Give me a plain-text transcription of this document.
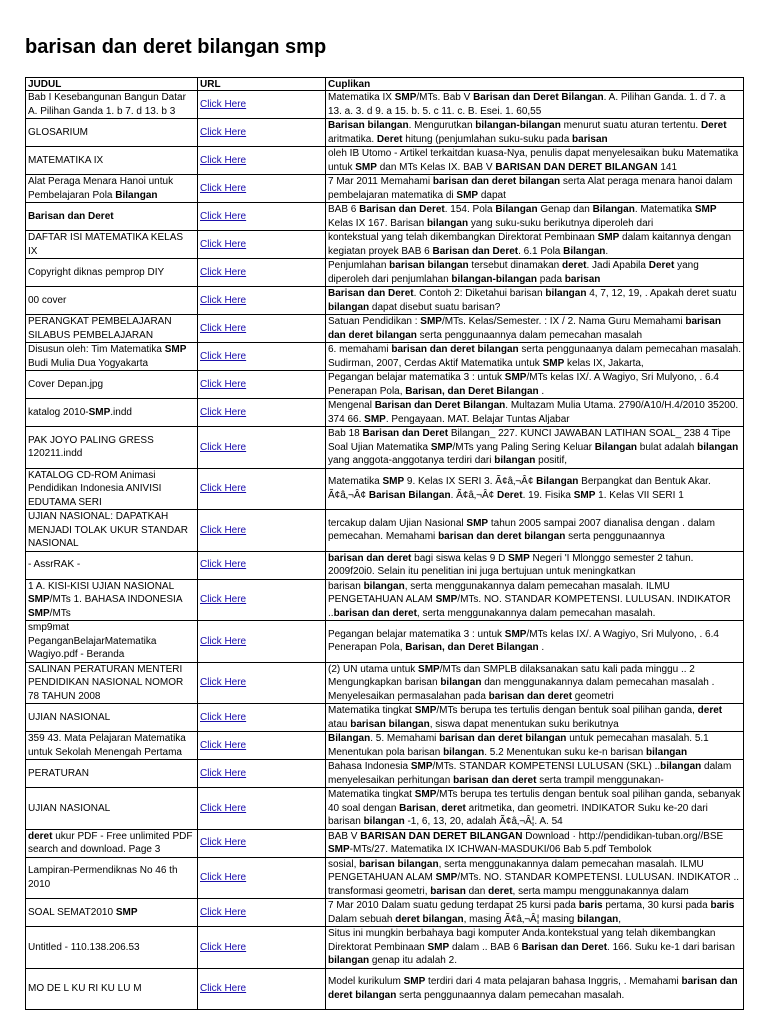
barisan dan deret bilangan smp
JUDUL	URL	Cuplikan

Bab I Kesebangunan Bangun Datar A. Pilihan Ganda 1. b 7. d 13. b 3	Click Here	Matematika IX SMP/MTs. Bab V Barisan dan Deret Bilangan. A. Pilihan Ganda. 1. d 7. a 13. a. 3. d 9. a 15. b. 5. c 11. c. B. Esei. 1. 60,55

GLOSARIUM	Click Here	Barisan bilangan. Mengurutkan bilangan-bilangan menurut suatu aturan tertentu. Deret aritmatika. Deret hitung (penjumlahan suku-suku pada barisan

MATEMATIKA IX	Click Here	oleh IB Utomo - Artikel terkaitdan kuasa-Nya, penulis dapat menyelesaikan buku Matematika untuk SMP dan MTs Kelas IX. BAB V BARISAN DAN DERET BILANGAN 141

Alat Peraga Menara Hanoi untuk Pembelajaran Pola Bilangan	Click Here	7 Mar 2011 Memahami barisan dan deret bilangan serta Alat peraga menara hanoi dalam pembelajaran matematika di SMP dapat

Barisan dan Deret	Click Here	BAB 6 Barisan dan Deret. 154. Pola Bilangan Genap dan Bilangan. Matematika SMP Kelas IX 167. Barisan bilangan yang suku-suku berikutnya diperoleh dari

DAFTAR ISI MATEMATIKA KELAS IX	Click Here	kontekstual yang telah dikembangkan Direktorat Pembinaan SMP dalam kaitannya dengan kegiatan proyek BAB 6 Barisan dan Deret. 6.1 Pola Bilangan.

Copyright diknas pemprop DIY	Click Here	Penjumlahan barisan bilangan tersebut dinamakan deret. Jadi Apabila Deret yang diperoleh dari penjumlahan bilangan-bilangan pada barisan

00 cover	Click Here	Barisan dan Deret. Contoh 2: Diketahui barisan bilangan 4, 7, 12, 19, . Apakah deret suatu bilangan dapat disebut suatu barisan?

PERANGKAT PEMBELAJARAN SILABUS PEMBELAJARAN	Click Here	Satuan Pendidikan : SMP/MTs. Kelas/Semester. : IX / 2. Nama Guru Memahami barisan dan deret bilangan serta penggunaannya dalam pemecahan masalah

Disusun oleh: Tim Matematika SMP Budi Mulia Dua Yogyakarta	Click Here	6. memahami barisan dan deret bilangan serta penggunaanya dalam pemecahan masalah. Sudirman, 2007, Cerdas Aktif Matematika untuk SMP kelas IX, Jakarta,

Cover Depan.jpg	Click Here	Pegangan belajar matematika 3 : untuk SMP/MTs kelas IX/. A Wagiyo, Sri Mulyono, . 6.4 Penerapan Pola, Barisan, dan Deret Bilangan .

katalog 2010-SMP.indd	Click Here	Mengenal Barisan dan Deret Bilangan. Multazam Mulia Utama. 2790/A10/H.4/2010 35200. 374 66. SMP. Pengayaan. MAT. Belajar Tuntas Aljabar

PAK JOYO PALING GRESS 120211.indd	Click Here	Bab 18 Barisan dan Deret Bilangan_ 227. KUNCI JAWABAN LATIHAN SOAL_ 238 4 Tipe Soal Ujian Matematika SMP/MTs yang Paling Sering Keluar Bilangan bulat adalah bilangan yang anggota-anggotanya terdiri dari bilangan positif,

KATALOG CD-ROM Animasi Pendidikan Indonesia ANIVISI EDUTAMA SERI	Click Here	Matematika SMP 9. Kelas IX SERI 3. Ã¢â‚¬Â¢ Bilangan Berpangkat dan Bentuk Akar. Ã¢â‚¬Â¢ Barisan Bilangan. Ã¢â‚¬Â¢ Deret. 19. Fisika SMP 1. Kelas VII SERI 1

UJIAN NASIONAL: DAPATKAH MENJADI TOLAK UKUR STANDAR NASIONAL	Click Here	tercakup dalam Ujian Nasional SMP tahun 2005 sampai 2007 dianalisa dengan . dalam pemecahan. Memahami barisan dan deret bilangan serta penggunaannya

- AssrRAK -	Click Here	barisan dan deret bagi siswa kelas 9 D SMP Negeri 'I Mlonggo semester 2 tahun. 2009f20i0. Selain itu penelitian ini juga bertujuan untuk meningkatkan

1 A. KISI-KISI UJIAN NASIONAL SMP/MTs 1. BAHASA INDONESIA SMP/MTs	Click Here	barisan bilangan, serta menggunakannya dalam pemecahan masalah. ILMU PENGETAHUAN ALAM SMP/MTs. NO. STANDAR KOMPETENSI. LULUSAN. INDIKATOR ..barisan dan deret, serta menggunakannya dalam pemecahan masalah.

smp9mat PeganganBelajarMatematika Wagiyo.pdf - Beranda	Click Here	Pegangan belajar matematika 3 : untuk SMP/MTs kelas IX/. A Wagiyo, Sri Mulyono, . 6.4 Penerapan Pola, Barisan, dan Deret Bilangan .

SALINAN PERATURAN MENTERI PENDIDIKAN NASIONAL NOMOR 78 TAHUN 2008	Click Here	(2) UN utama untuk SMP/MTs dan SMPLB dilaksanakan satu kali pada minggu .. 2 Mengungkapkan barisan bilangan dan menggunakannya dalam pemecahan masalah . Menyelesaikan permasalahan pada barisan dan deret geometri

UJIAN NASIONAL	Click Here	Matematika tingkat SMP/MTs berupa tes tertulis dengan bentuk soal pilihan ganda, deret atau barisan bilangan, siswa dapat menentukan suku berikutnya

359 43. Mata Pelajaran Matematika untuk Sekolah Menengah Pertama	Click Here	Bilangan. 5. Memahami barisan dan deret bilangan untuk pemecahan masalah. 5.1 Menentukan pola barisan bilangan. 5.2 Menentukan suku ke-n barisan bilangan

PERATURAN	Click Here	Bahasa Indonesia SMP/MTs. STANDAR KOMPETENSI LULUSAN (SKL) ..bilangan dalam menyelesaikan perhitungan barisan dan deret serta trampil menggunakan-

UJIAN NASIONAL	Click Here	Matematika tingkat SMP/MTs berupa tes tertulis dengan bentuk soal pilihan ganda, sebanyak 40 soal dengan Barisan, deret aritmetika, dan geometri. INDIKATOR Suku ke-20 dari barisan bilangan -1, 6, 13, 20, adalah Ã¢â‚¬Â¦. A. 54

deret ukur PDF - Free unlimited PDF search and download. Page 3	Click Here	BAB V BARISAN DAN DERET BILANGAN Download · http://pendidikan-tuban.org//BSE SMP-MTs/27. Matematika IX ICHWAN-MASDUKI/06 Bab 5.pdf Tembolok

Lampiran-Permendiknas No 46 th 2010	Click Here	sosial, barisan bilangan, serta menggunakannya dalam pemecahan masalah. ILMU PENGETAHUAN ALAM SMP/MTs. NO. STANDAR KOMPETENSI. LULUSAN. INDIKATOR .. transformasi geometri, barisan dan deret, serta mampu menggunakannya dalam

SOAL SEMAT2010 SMP	Click Here	7 Mar 2010 Dalam suatu gedung terdapat 25 kursi pada baris pertama, 30 kursi pada baris Dalam sebuah deret bilangan, masing Ã¢â‚¬Â¦ masing bilangan,

Untitled - 110.138.206.53	Click Here	Situs ini mungkin berbahaya bagi komputer Anda.kontekstual yang telah dikembangkan Direktorat Pembinaan SMP dalam .. BAB 6 Barisan dan Deret. 166. Suku ke-1 dari barisan bilangan genap itu adalah 2.

MO DE L KU RI KU LU M	Click Here	Model kurikulum SMP terdiri dari 4 mata pelajaran bahasa Inggris, . Memahami barisan dan deret bilangan serta penggunaannya dalam pemecahan masalah.
